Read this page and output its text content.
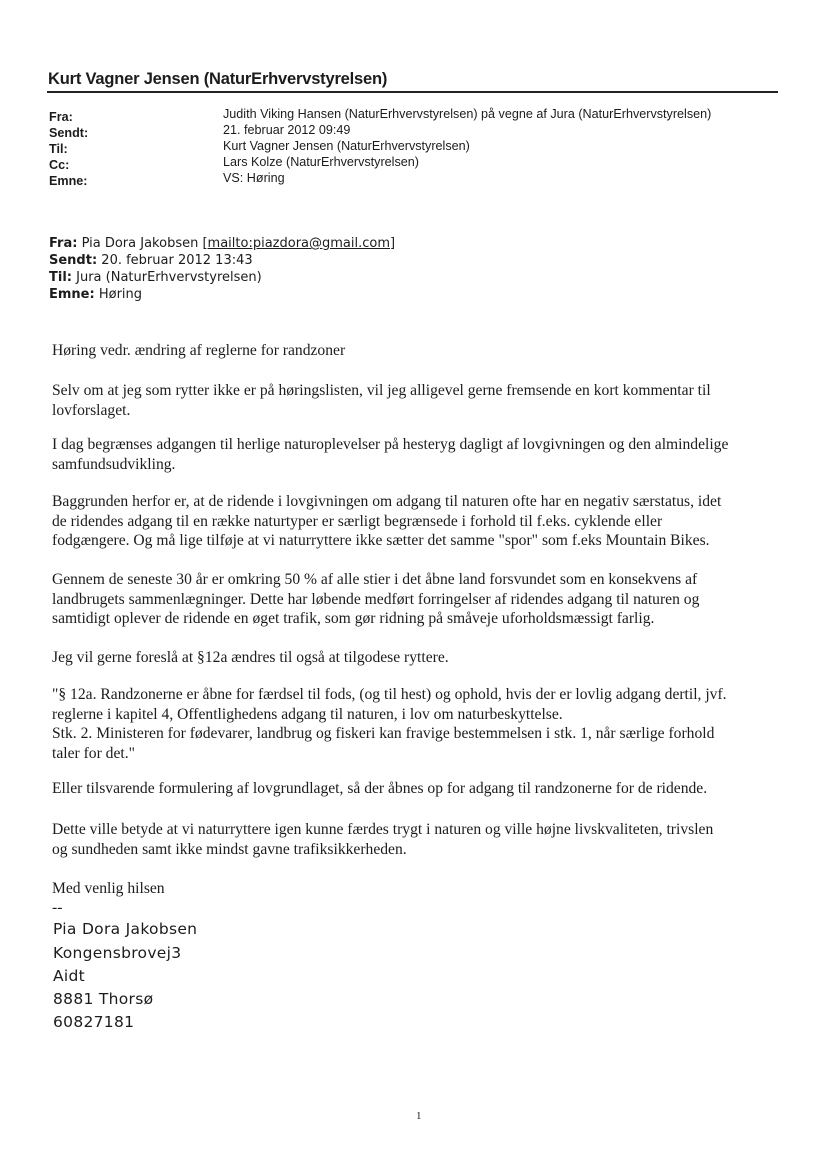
Kurt Vagner Jensen (NaturErhvervstyrelsen)
Fra:	Judith Viking Hansen (NaturErhvervstyrelsen) på vegne af Jura (NaturErhvervstyrelsen)
Sendt:	21. februar 2012 09:49
Til:	Kurt Vagner Jensen (NaturErhvervstyrelsen)
Cc:	Lars Kolze (NaturErhvervstyrelsen)
Emne:	VS: Høring
Fra: Pia Dora Jakobsen [mailto:piazdora@gmail.com]
Sendt: 20. februar 2012 13:43
Til: Jura (NaturErhvervstyrelsen)
Emne: Høring
Høring vedr. ændring af reglerne for randzoner
Selv om at jeg som rytter ikke er på høringslisten, vil jeg alligevel gerne fremsende en kort kommentar til
lovforslaget.
I dag begrænses adgangen til herlige naturoplevelser på hesteryg dagligt af lovgivningen og den almindelige
samfundsudvikling.
Baggrunden herfor er, at de ridende i lovgivningen om adgang til naturen ofte har en negativ særstatus, idet
de ridendes adgang til en række naturtyper er særligt begrænsede i forhold til f.eks. cyklende eller
fodgængere. Og må lige tilføje at vi naturryttere ikke sætter det samme "spor" som f.eks Mountain Bikes.
Gennem de seneste 30 år er omkring 50 % af alle stier i det åbne land forsvundet som en konsekvens af
landbrugets sammenlægninger. Dette har løbende medført forringelser af ridendes adgang til naturen og
samtidigt oplever de ridende en øget trafik, som gør ridning på småveje uforholdsmæssigt farlig.
Jeg vil gerne foreslå at §12a ændres til også at tilgodese ryttere.
"§ 12a. Randzonerne er åbne for færdsel til fods, (og til hest) og ophold, hvis der er lovlig adgang dertil, jvf.
reglerne i kapitel 4, Offentlighedens adgang til naturen, i lov om naturbeskyttelse.
Stk. 2. Ministeren for fødevarer, landbrug og fiskeri kan fravige bestemmelsen i stk. 1, når særlige forhold
taler for det."
Eller tilsvarende formulering af lovgrundlaget, så der åbnes op for adgang til randzonerne for de ridende.
Dette ville betyde at vi naturryttere igen kunne færdes trygt i naturen og ville højne livskvaliteten, trivslen
og sundheden samt ikke mindst gavne trafiksikkerheden.
Med venlig hilsen
--
Pia Dora Jakobsen
Kongensbrovej3
Aidt
8881 Thorsø
60827181
1
